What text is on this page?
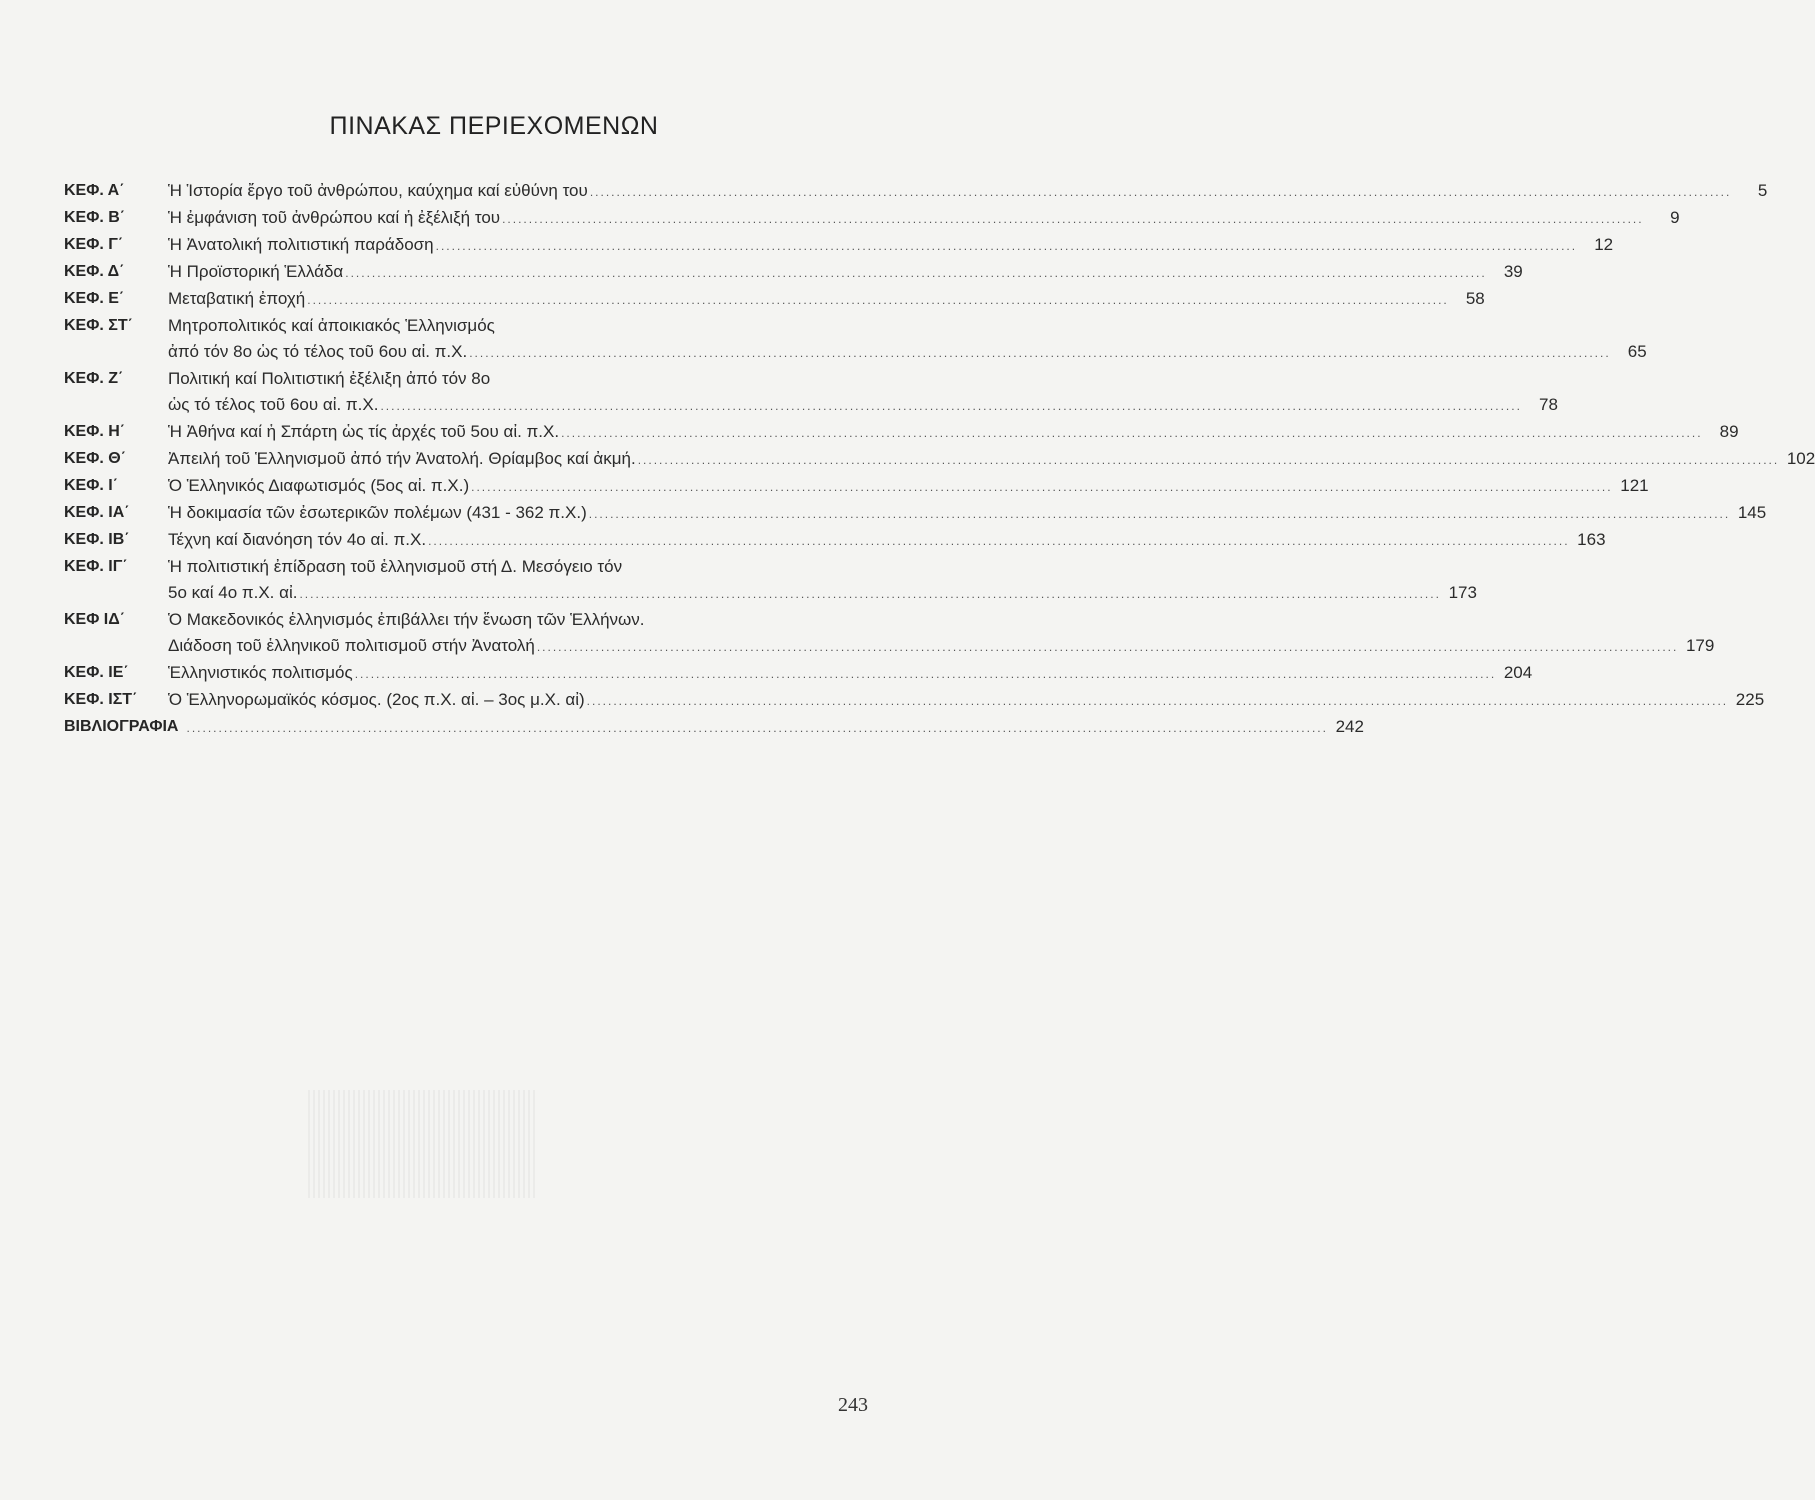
ΠΙΝΑΚΑΣ ΠΕΡΙΕΧΟΜΕΝΩΝ
ΚΕΦ. Α΄	Ἡ Ἱστορία ἔργο τοῦ ἀνθρώπου, καύχημα καί εὐθύνη του .....	5
ΚΕΦ. Β΄	Ἡ ἐμφάνιση τοῦ ἀνθρώπου καί ἡ ἐξέλιξή του .....	9
ΚΕΦ. Γ΄	Ἡ Ἀνατολική πολιτιστική παράδοση .....	12
ΚΕΦ. Δ΄	Ἡ Προϊστορική Ἑλλάδα .....	39
ΚΕΦ. Ε΄	Μεταβατική ἐποχή .....	58
ΚΕΦ. ΣΤ΄	Μητροπολιτικός καί ἀποικιακός Ἑλληνισμός
ἀπό τόν 8ο ὡς τό τέλος τοῦ 6ου αἰ. π.Χ. .....	65
ΚΕΦ. Ζ΄	Πολιτική καί Πολιτιστική ἐξέλιξη ἀπό τόν 8ο
ὡς τό τέλος τοῦ 6ου αἰ. π.Χ. .....	78
ΚΕΦ. Η΄	Ἡ Ἀθήνα καί ἡ Σπάρτη ὡς τίς ἀρχές τοῦ 5ου αἰ. π.Χ. .....	89
ΚΕΦ. Θ΄	Ἀπειλή τοῦ Ἑλληνισμοῦ ἀπό τήν Ἀνατολή. Θρίαμβος καί ἀκμή. .....	102
ΚΕΦ. Ι΄	Ὁ Ἑλληνικός Διαφωτισμός (5ος αἰ. π.Χ.) .....	121
ΚΕΦ. ΙΑ΄	Ἡ δοκιμασία τῶν ἐσωτερικῶν πολέμων (431 - 362 π.Χ.) .....	145
ΚΕΦ. ΙΒ΄	Τέχνη καί διανόηση τόν 4ο αἰ. π.Χ. .....	163
ΚΕΦ. ΙΓ΄	Ἡ πολιτιστική ἐπίδραση τοῦ ἑλληνισμοῦ στή Δ. Μεσόγειο τόν
5ο καί 4ο π.Χ. αἰ. .....	173
ΚΕΦ ΙΔ΄	Ὁ Μακεδονικός ἑλληνισμός ἐπιβάλλει τήν ἕνωση τῶν Ἑλλήνων.
Διάδοση τοῦ ἑλληνικοῦ πολιτισμοῦ στήν Ἀνατολή .....	179
ΚΕΦ. ΙΕ΄	Ἑλληνιστικός πολιτισμός .....	204
ΚΕΦ. ΙΣΤ΄	Ὁ Ἑλληνορωμαϊκός κόσμος. (2ος π.Χ. αἰ. – 3ος μ.Χ. αἰ) .....	225
ΒΙΒΛΙΟΓΡΑΦΙΑ .....	242
243
